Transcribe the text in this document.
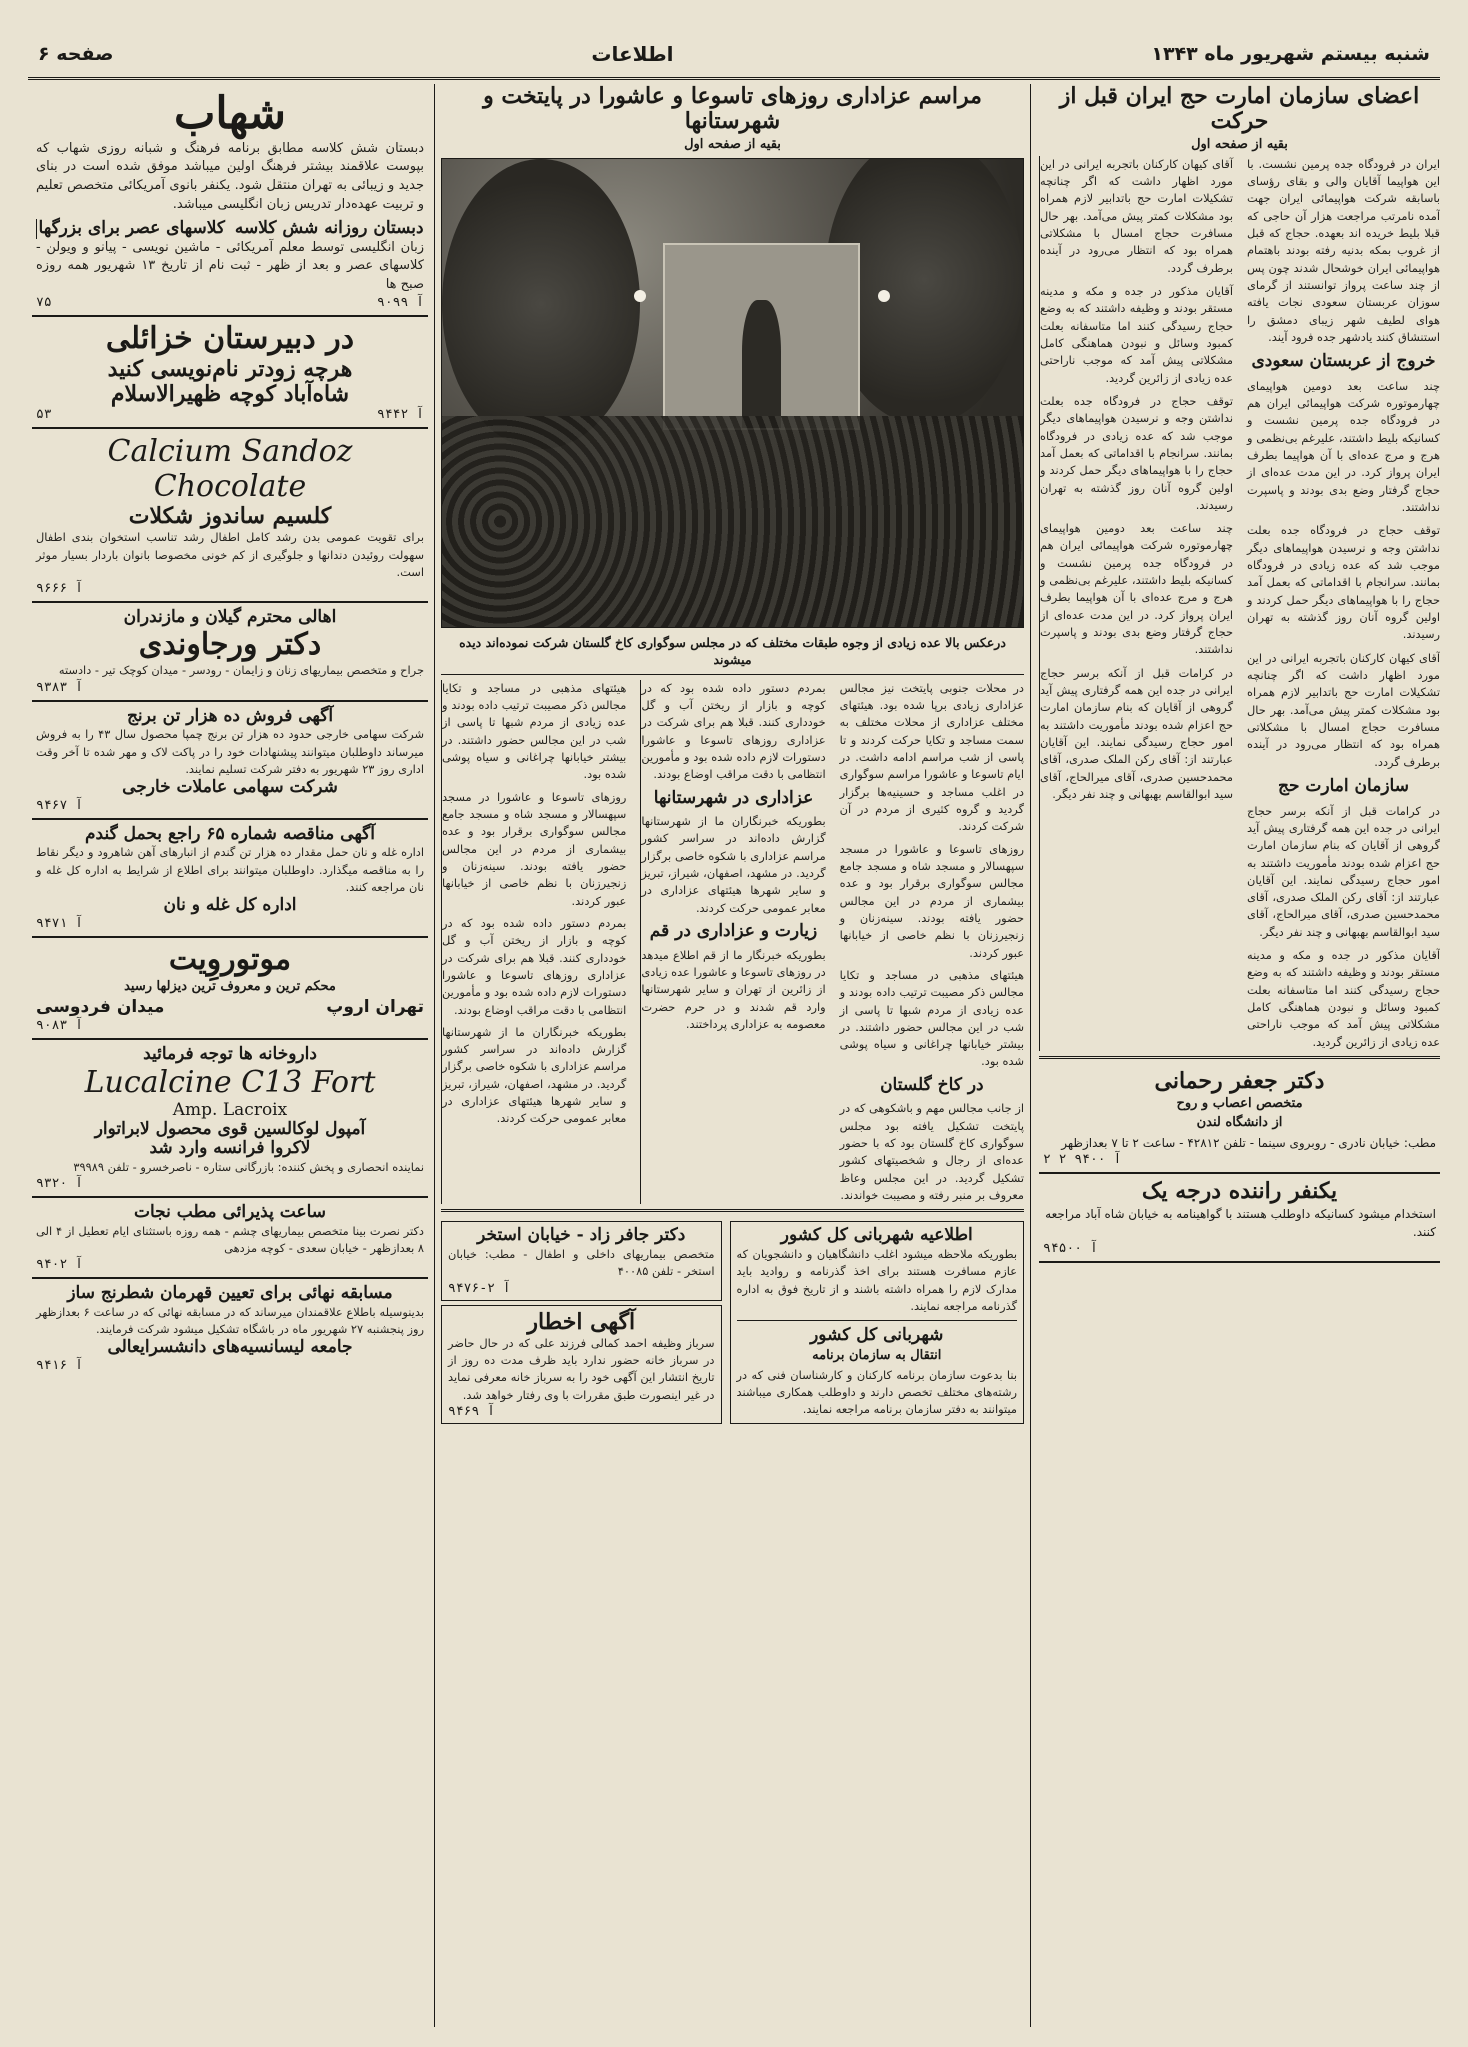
صفحه ۶	اطلاعات	شنبه بیستم شهریور ماه ۱۳۴۳
اعضای سازمان امارت حج ایران قبل از حرکت
بقیه از صفحه اول

ایران در فرودگاه جده پرمین نشست. با این هواپیما آقایان والی و بقای رؤسای باسابقه شرکت هواپیمائی ایران جهت آمده نامرتب مراجعت هزار آن حاجی که قبلا بلیط خریده اند بعهده. حجاج که قبل از غروب بمکه بدنیه رفته بودند باهتمام هواپیمائی ایران خوشحال شدند چون پس از چند ساعت پرواز توانستند از گرمای سوزان عربستان سعودی نجات یافته هوای لطیف شهر زیبای دمشق را استنشاق کنند یادشهر جده فرود آیند.

خروج از عربستان سعودی

چند ساعت بعد دومین هواپیمای چهارموتوره شرکت هواپیمائی ایران هم در فرودگاه جده پرمین نشست و کسانیکه بلیط داشتند، علیرغم بی‌نظمی و هرج و مرج عده‌ای با آن هواپیما بطرف ایران پرواز کرد. در این مدت عده‌ای از حجاج گرفتار وضع بدی بودند و پاسپرت نداشتند.

توقف حجاج در فرودگاه جده بعلت نداشتن وجه و نرسیدن هواپیماهای دیگر موجب شد که عده زیادی در فرودگاه بمانند. سرانجام با اقداماتی که بعمل آمد حجاج را با هواپیماهای دیگر حمل کردند و اولین گروه آنان روز گذشته به تهران رسیدند.

آقای کیهان کارکنان باتجربه ایرانی در این مورد اظهار داشت که اگر چنانچه تشکیلات امارت حج باتدابیر لازم همراه بود مشکلات کمتر پیش می‌آمد. بهر حال مسافرت حجاج امسال با مشکلاتی همراه بود که انتظار می‌رود در آینده برطرف گردد.

سازمان امارت حج

در کرامات قبل از آنکه برسر حجاج ایرانی در جده این همه گرفتاری پیش آید گروهی از آقایان که بنام سازمان امارت حج اعزام شده بودند مأموریت داشتند به امور حجاج رسیدگی نمایند. این آقایان عبارتند از: آقای رکن الملک صدری، آقای محمدحسین صدری، آقای میرالحاج، آقای سید ابوالقاسم بهبهانی و چند نفر دیگر.

آقایان مذکور در جده و مکه و مدینه مستقر بودند و وظیفه داشتند که به وضع حجاج رسیدگی کنند اما متاسفانه بعلت کمبود وسائل و نبودن هماهنگی کامل مشکلاتی پیش آمد که موجب ناراحتی عده زیادی از زائرین گردید.

آقای کیهان کارکنان باتجربه ایرانی در این مورد اظهار داشت که اگر چنانچه تشکیلات امارت حج باتدابیر لازم همراه بود مشکلات کمتر پیش می‌آمد. بهر حال مسافرت حجاج امسال با مشکلاتی همراه بود که انتظار می‌رود در آینده برطرف گردد.

آقایان مذکور در جده و مکه و مدینه مستقر بودند و وظیفه داشتند که به وضع حجاج رسیدگی کنند اما متاسفانه بعلت کمبود وسائل و نبودن هماهنگی کامل مشکلاتی پیش آمد که موجب ناراحتی عده زیادی از زائرین گردید.

توقف حجاج در فرودگاه جده بعلت نداشتن وجه و نرسیدن هواپیماهای دیگر موجب شد که عده زیادی در فرودگاه بمانند. سرانجام با اقداماتی که بعمل آمد حجاج را با هواپیماهای دیگر حمل کردند و اولین گروه آنان روز گذشته به تهران رسیدند.

چند ساعت بعد دومین هواپیمای چهارموتوره شرکت هواپیمائی ایران هم در فرودگاه جده پرمین نشست و کسانیکه بلیط داشتند، علیرغم بی‌نظمی و هرج و مرج عده‌ای با آن هواپیما بطرف ایران پرواز کرد. در این مدت عده‌ای از حجاج گرفتار وضع بدی بودند و پاسپرت نداشتند.

در کرامات قبل از آنکه برسر حجاج ایرانی در جده این همه گرفتاری پیش آید گروهی از آقایان که بنام سازمان امارت حج اعزام شده بودند مأموریت داشتند به امور حجاج رسیدگی نمایند. این آقایان عبارتند از: آقای رکن الملک صدری، آقای محمدحسین صدری، آقای میرالحاج، آقای سید ابوالقاسم بهبهانی و چند نفر دیگر.

دکتر جعفر رحمانی
متخصص اعصاب و روح
از دانشگاه لندن

مطب: خیابان نادری - روبروی سینما - تلفن ۴۲۸۱۲ - ساعت ۲ تا ۷ بعدازظهر

آ ۹۴۰۰ ۲ ۲
یکنفر راننده درجه یک

استخدام میشود کسانیکه داوطلب هستند با گواهینامه به خیابان شاه آباد مراجعه کنند.

آ ۹۴۵۰۰
مراسم عزاداری روزهای تاسوعا و عاشورا در پایتخت و شهرستانها
بقیه از صفحه اول
درعکس بالا عده زیادی از وجوه طبقات مختلف که در مجلس سوگواری کاخ گلستان شرکت نموده‌اند دیده میشوند

در محلات جنوبی پایتخت نیز مجالس عزاداری زیادی برپا شده بود. هیئتهای مختلف عزاداری از محلات مختلف به سمت مساجد و تکایا حرکت کردند و تا پاسی از شب مراسم ادامه داشت. در ایام تاسوعا و عاشورا مراسم سوگواری در اغلب مساجد و حسینیه‌ها برگزار گردید و گروه کثیری از مردم در آن شرکت کردند.

روزهای تاسوعا و عاشورا در مسجد سپهسالار و مسجد شاه و مسجد جامع مجالس سوگواری برقرار بود و عده بیشماری از مردم در این مجالس حضور یافته بودند. سینه‌زنان و زنجیرزنان با نظم خاصی از خیابانها عبور کردند.

هیئتهای مذهبی در مساجد و تکایا مجالس ذکر مصیبت ترتیب داده بودند و عده زیادی از مردم شبها تا پاسی از شب در این مجالس حضور داشتند. در بیشتر خیابانها چراغانی و سیاه پوشی شده بود.

در کاخ گلستان

از جانب مجالس مهم و باشکوهی که در پایتخت تشکیل یافته بود مجلس سوگواری کاخ گلستان بود که با حضور عده‌ای از رجال و شخصیتهای کشور تشکیل گردید. در این مجلس وعاظ معروف بر منبر رفته و مصیبت خواندند.

بمردم دستور داده شده بود که در کوچه و بازار از ریختن آب و گل خودداری کنند. قبلا هم برای شرکت در عزاداری روزهای تاسوعا و عاشورا دستورات لازم داده شده بود و مأمورین انتظامی با دقت مراقب اوضاع بودند.

عزاداری در شهرستانها

بطوریکه خبرنگاران ما از شهرستانها گزارش داده‌اند در سراسر کشور مراسم عزاداری با شکوه خاصی برگزار گردید. در مشهد، اصفهان، شیراز، تبریز و سایر شهرها هیئتهای عزاداری در معابر عمومی حرکت کردند.

زیارت و عزاداری در قم

بطوریکه خبرنگار ما از قم اطلاع میدهد در روزهای تاسوعا و عاشورا عده زیادی از زائرین از تهران و سایر شهرستانها وارد قم شدند و در حرم حضرت معصومه به عزاداری پرداختند.

هیئتهای مذهبی در مساجد و تکایا مجالس ذکر مصیبت ترتیب داده بودند و عده زیادی از مردم شبها تا پاسی از شب در این مجالس حضور داشتند. در بیشتر خیابانها چراغانی و سیاه پوشی شده بود.

روزهای تاسوعا و عاشورا در مسجد سپهسالار و مسجد شاه و مسجد جامع مجالس سوگواری برقرار بود و عده بیشماری از مردم در این مجالس حضور یافته بودند. سینه‌زنان و زنجیرزنان با نظم خاصی از خیابانها عبور کردند.

بمردم دستور داده شده بود که در کوچه و بازار از ریختن آب و گل خودداری کنند. قبلا هم برای شرکت در عزاداری روزهای تاسوعا و عاشورا دستورات لازم داده شده بود و مأمورین انتظامی با دقت مراقب اوضاع بودند.

بطوریکه خبرنگاران ما از شهرستانها گزارش داده‌اند در سراسر کشور مراسم عزاداری با شکوه خاصی برگزار گردید. در مشهد، اصفهان، شیراز، تبریز و سایر شهرها هیئتهای عزاداری در معابر عمومی حرکت کردند.

اطلاعیه شهربانی کل کشور

بطوریکه ملاحظه میشود اغلب دانشگاهیان و دانشجویان که عازم مسافرت هستند برای اخذ گذرنامه و روادید باید مدارک لازم را همراه داشته باشند و از تاریخ فوق به اداره گذرنامه مراجعه نمایند.

شهربانی کل کشور
انتقال به سازمان برنامه

بنا بدعوت سازمان برنامه کارکنان و کارشناسان فنی که در رشته‌های مختلف تخصص دارند و داوطلب همکاری میباشند میتوانند به دفتر سازمان برنامه مراجعه نمایند.

دکتر جافر زاد - خیابان استخر

متخصص بیماریهای داخلی و اطفال - مطب: خیابان استخر - تلفن ۴۰۰۸۵

آ ۲-۹۴۷۶
آگهی اخطار

سرباز وظیفه احمد کمالی فرزند علی که در حال حاضر در سرباز خانه حضور ندارد باید ظرف مدت ده روز از تاریخ انتشار این آگهی خود را به سرباز خانه معرفی نماید در غیر اینصورت طبق مقررات با وی رفتار خواهد شد.

آ ۹۴۶۹
شهاب

دبستان شش کلاسه مطابق برنامه فرهنگ و شبانه روزی شهاب که بپوست علاقمند بیشتر فرهنگ اولین میباشد موفق شده است در بنای جدید و زیبائی به تهران منتقل شود. یکنفر بانوی آمریکائی متخصص تعلیم و تربیت عهده‌دار تدریس زبان انگلیسی میباشد.

دبستان روزانه شش کلاسه
کلاسهای عصر برای بزرگها

زبان انگلیسی توسط معلم آمریکائی - ماشین نویسی - پیانو و ویولن - کلاسهای عصر و بعد از ظهر - ثبت نام از تاریخ ۱۳ شهریور همه روزه صبح ها

آ ۹۰۹۹
۷۵
در دبیرستان خزائلی
هرچه زودتر نام‌نویسی کنید
شاه‌آباد کوچه ظهیرالاسلام
آ ۹۴۴۲
۵۳
Calcium Sandoz
Chocolate
کلسیم ساندوز شکلات

برای تقویت عمومی بدن رشد کامل اطفال رشد تناسب استخوان بندی اطفال سهولت روئیدن دندانها و جلوگیری از کم خونی مخصوصا بانوان باردار بسیار موثر است.

آ ۹۶۶۶
اهالی محترم گیلان و مازندران
دکتر ورجاوندی

جراح و متخصص بیماریهای زنان و زایمان - رودسر - میدان کوچک تیر - دادسته

آ ۹۳۸۳
آگهی فروش ده هزار تن برنج

شرکت سهامی خارجی حدود ده هزار تن برنج چمپا محصول سال ۴۳ را به فروش میرساند داوطلبان میتوانند پیشنهادات خود را در پاکت لاک و مهر شده تا آخر وقت اداری روز ۲۳ شهریور به دفتر شرکت تسلیم نمایند.

شرکت سهامی عاملات خارجی
آ ۹۴۶۷
آگهی مناقصه شماره ۶۵ راجع بحمل گندم

اداره غله و نان حمل مقدار ده هزار تن گندم از انبارهای آهن شاهرود و دیگر نقاط را به مناقصه میگذارد. داوطلبان میتوانند برای اطلاع از شرایط به اداره کل غله و نان مراجعه کنند.

اداره کل غله و نان
آ ۹۴۷۱
موتوروِیت
محکم ترین و معروف ترین دیزلها رسید
تهران اروپ
میدان فردوسی
آ ۹۰۸۳
داروخانه ها توجه فرمائید
Lucalcine C13 Fort
Amp. Lacroix
آمپول لوکالسین قوی محصول لابراتوار
لاکروا فرانسه وارد شد

نماینده انحصاری و پخش کننده: بازرگانی ستاره - ناصرخسرو - تلفن ۳۹۹۸۹

آ ۹۳۲۰
ساعت پذیرائی مطب نجات

دکتر نصرت بینا متخصص بیماریهای چشم - همه روزه باستثنای ایام تعطیل از ۴ الی ۸ بعدازظهر - خیابان سعدی - کوچه مزدهی

آ ۹۴۰۲
مسابقه نهائی برای تعیین قهرمان شطرنج ساز

بدینوسیله باطلاع علاقمندان میرساند که در مسابقه نهائی که در ساعت ۶ بعدازظهر روز پنجشنبه ۲۷ شهریور ماه در باشگاه تشکیل میشود شرکت فرمایند.

جامعه لیسانسیه‌های دانشسرایعالی
آ ۹۴۱۶
